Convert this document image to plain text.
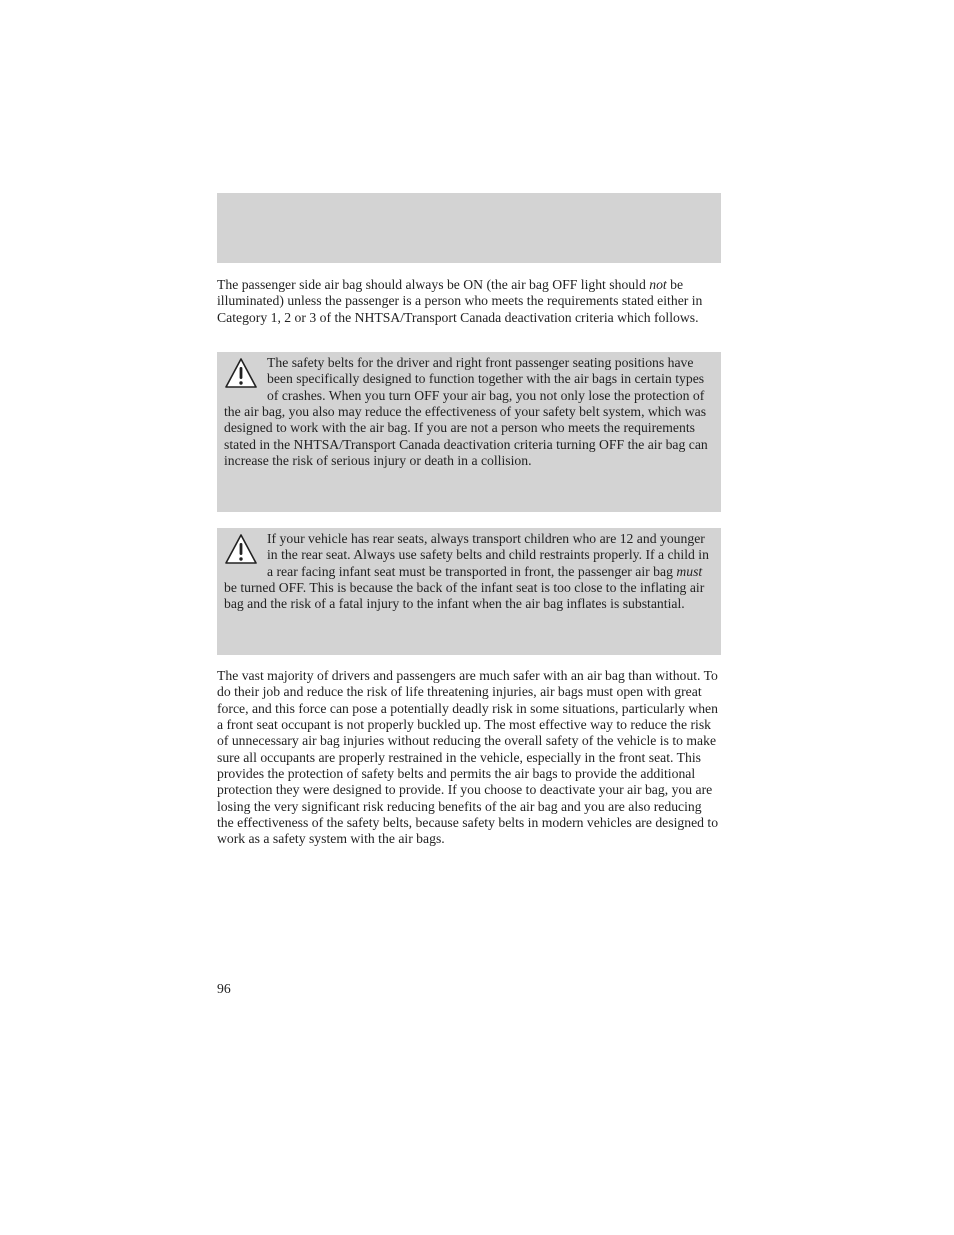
The passenger side air bag should always be ON (the air bag OFF light should not be illuminated) unless the passenger is a person who meets the requirements stated either in Category 1, 2 or 3 of the NHTSA/Transport Canada deactivation criteria which follows.

The safety belts for the driver and right front passenger seating positions have been specifically designed to function together with the air bags in certain types of crashes. When you turn OFF your air bag, you not only lose the protection of the air bag, you also may reduce the effectiveness of your safety belt system, which was designed to work with the air bag. If you are not a person who meets the requirements stated in the NHTSA/Transport Canada deactivation criteria turning OFF the air bag can increase the risk of serious injury or death in a collision.

If your vehicle has rear seats, always transport children who are 12 and younger in the rear seat. Always use safety belts and child restraints properly. If a child in a rear facing infant seat must be transported in front, the passenger air bag must be turned OFF. This is because the back of the infant seat is too close to the inflating air bag and the risk of a fatal injury to the infant when the air bag inflates is substantial.

The vast majority of drivers and passengers are much safer with an air bag than without. To do their job and reduce the risk of life threatening injuries, air bags must open with great force, and this force can pose a potentially deadly risk in some situations, particularly when a front seat occupant is not properly buckled up. The most effective way to reduce the risk of unnecessary air bag injuries without reducing the overall safety of the vehicle is to make sure all occupants are properly restrained in the vehicle, especially in the front seat. This provides the protection of safety belts and permits the air bags to provide the additional protection they were designed to provide. If you choose to deactivate your air bag, you are losing the very significant risk reducing benefits of the air bag and you are also reducing the effectiveness of the safety belts, because safety belts in modern vehicles are designed to work as a safety system with the air bags.

96
